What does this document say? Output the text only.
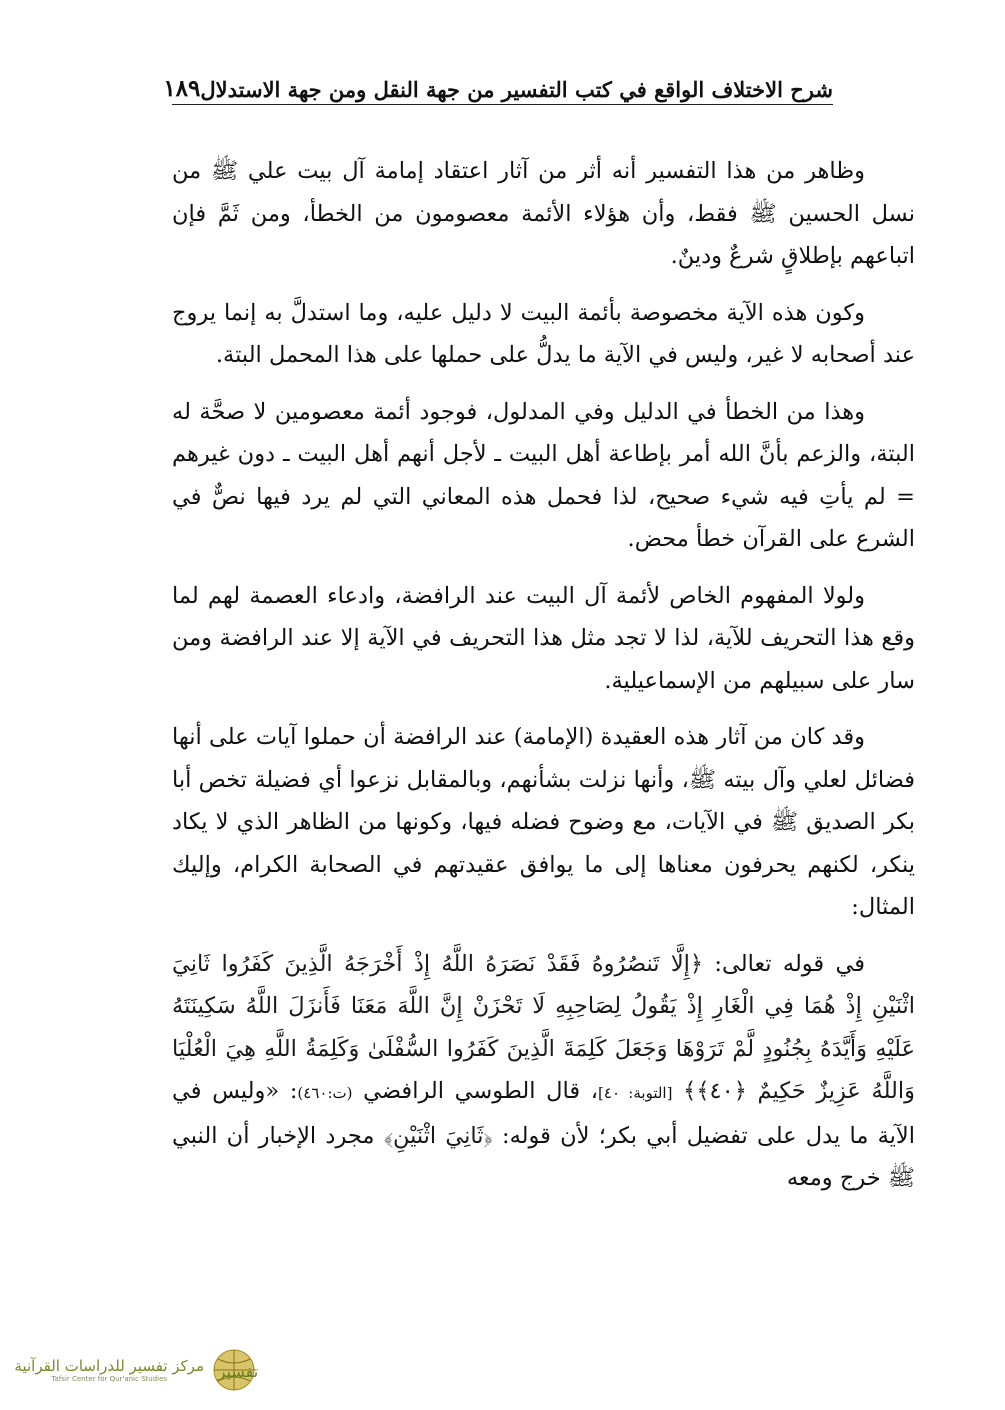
شرح الاختلاف الواقع في كتب التفسير من جهة النقل ومن جهة الاستدلال
١٨٩

وظاهر من هذا التفسير أنه أثر من آثار اعتقاد إمامة آل بيت علي ﷺ من نسل الحسين ﷺ فقط، وأن هؤلاء الأئمة معصومون من الخطأ، ومن ثَمَّ فإن اتباعهم بإطلاقٍ شرعٌ ودينٌ.

وكون هذه الآية مخصوصة بأئمة البيت لا دليل عليه، وما استدلَّ به إنما يروج عند أصحابه لا غير، وليس في الآية ما يدلُّ على حملها على هذا المحمل البتة.

وهذا من الخطأ في الدليل وفي المدلول، فوجود أئمة معصومين لا صحَّة له البتة، والزعم بأنَّ الله أمر بإطاعة أهل البيت ـ لأجل أنهم أهل البيت ـ دون غيرهم = لم يأتِ فيه شيء صحيح، لذا فحمل هذه المعاني التي لم يرد فيها نصٌّ في الشرع على القرآن خطأ محض.

ولولا المفهوم الخاص لأئمة آل البيت عند الرافضة، وادعاء العصمة لهم لما وقع هذا التحريف للآية، لذا لا تجد مثل هذا التحريف في الآية إلا عند الرافضة ومن سار على سبيلهم من الإسماعيلية.

وقد كان من آثار هذه العقيدة (الإمامة) عند الرافضة أن حملوا آيات على أنها فضائل لعلي وآل بيته ﷺ، وأنها نزلت بشأنهم، وبالمقابل نزعوا أي فضيلة تخص أبا بكر الصديق ﷺ في الآيات، مع وضوح فضله فيها، وكونها من الظاهر الذي لا يكاد ينكر، لكنهم يحرفون معناها إلى ما يوافق عقيدتهم في الصحابة الكرام، وإليك المثال:

في قوله تعالى: ﴿إِلَّا تَنصُرُوهُ فَقَدْ نَصَرَهُ اللَّهُ إِذْ أَخْرَجَهُ الَّذِينَ كَفَرُوا ثَانِيَ اثْنَيْنِ إِذْ هُمَا فِي الْغَارِ إِذْ يَقُولُ لِصَاحِبِهِ لَا تَحْزَنْ إِنَّ اللَّهَ مَعَنَا فَأَنزَلَ اللَّهُ سَكِينَتَهُ عَلَيْهِ وَأَيَّدَهُ بِجُنُودٍ لَّمْ تَرَوْهَا وَجَعَلَ كَلِمَةَ الَّذِينَ كَفَرُوا السُّفْلَىٰ وَكَلِمَةُ اللَّهِ هِيَ الْعُلْيَا وَاللَّهُ عَزِيزٌ حَكِيمٌ ﴿٤٠﴾﴾ [التوبة: ٤٠]، قال الطوسي الرافضي (ت:٤٦٠): «وليس في الآية ما يدل على تفضيل أبي بكر؛ لأن قوله: ﴿ثَانِيَ اثْنَيْنِ﴾ مجرد الإخبار أن النبي ﷺ خرج ومعه

تفسير
مركز تفسير للدراسات القرآنية
Tafsir Center for Qur'anic Studies
